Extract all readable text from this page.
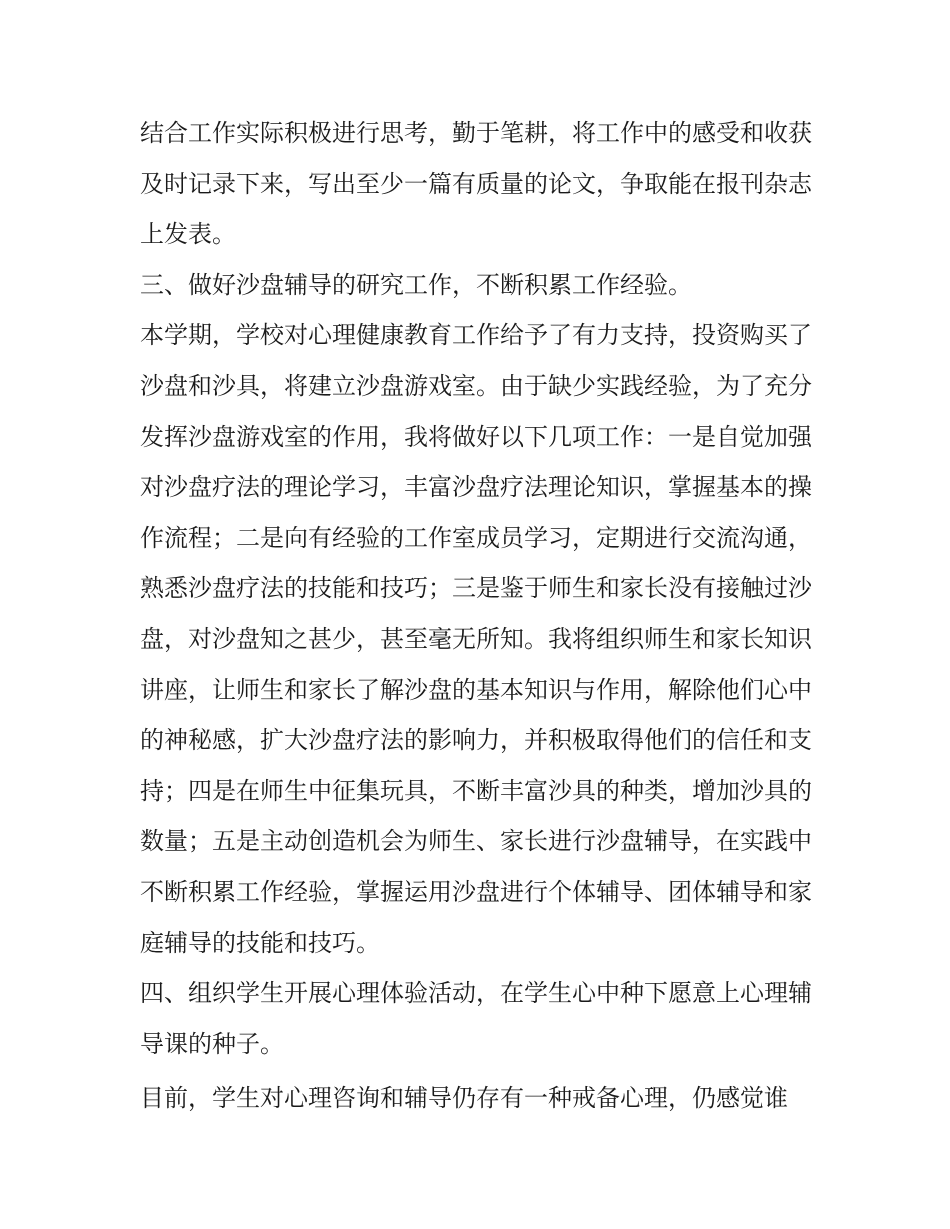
结合工作实际积极进行思考，勤于笔耕，将工作中的感受和收获及时记录下来，写出至少一篇有质量的论文，争取能在报刊杂志上发表。

三、做好沙盘辅导的研究工作，不断积累工作经验。

本学期，学校对心理健康教育工作给予了有力支持，投资购买了沙盘和沙具，将建立沙盘游戏室。由于缺少实践经验，为了充分发挥沙盘游戏室的作用，我将做好以下几项工作：一是自觉加强对沙盘疗法的理论学习，丰富沙盘疗法理论知识，掌握基本的操作流程；二是向有经验的工作室成员学习，定期进行交流沟通，熟悉沙盘疗法的技能和技巧；三是鉴于师生和家长没有接触过沙盘，对沙盘知之甚少，甚至毫无所知。我将组织师生和家长知识讲座，让师生和家长了解沙盘的基本知识与作用，解除他们心中的神秘感，扩大沙盘疗法的影响力，并积极取得他们的信任和支持；四是在师生中征集玩具，不断丰富沙具的种类，增加沙具的数量；五是主动创造机会为师生、家长进行沙盘辅导，在实践中不断积累工作经验，掌握运用沙盘进行个体辅导、团体辅导和家庭辅导的技能和技巧。

四、组织学生开展心理体验活动，在学生心中种下愿意上心理辅导课的种子。

目前，学生对心理咨询和辅导仍存有一种戒备心理，仍感觉谁
